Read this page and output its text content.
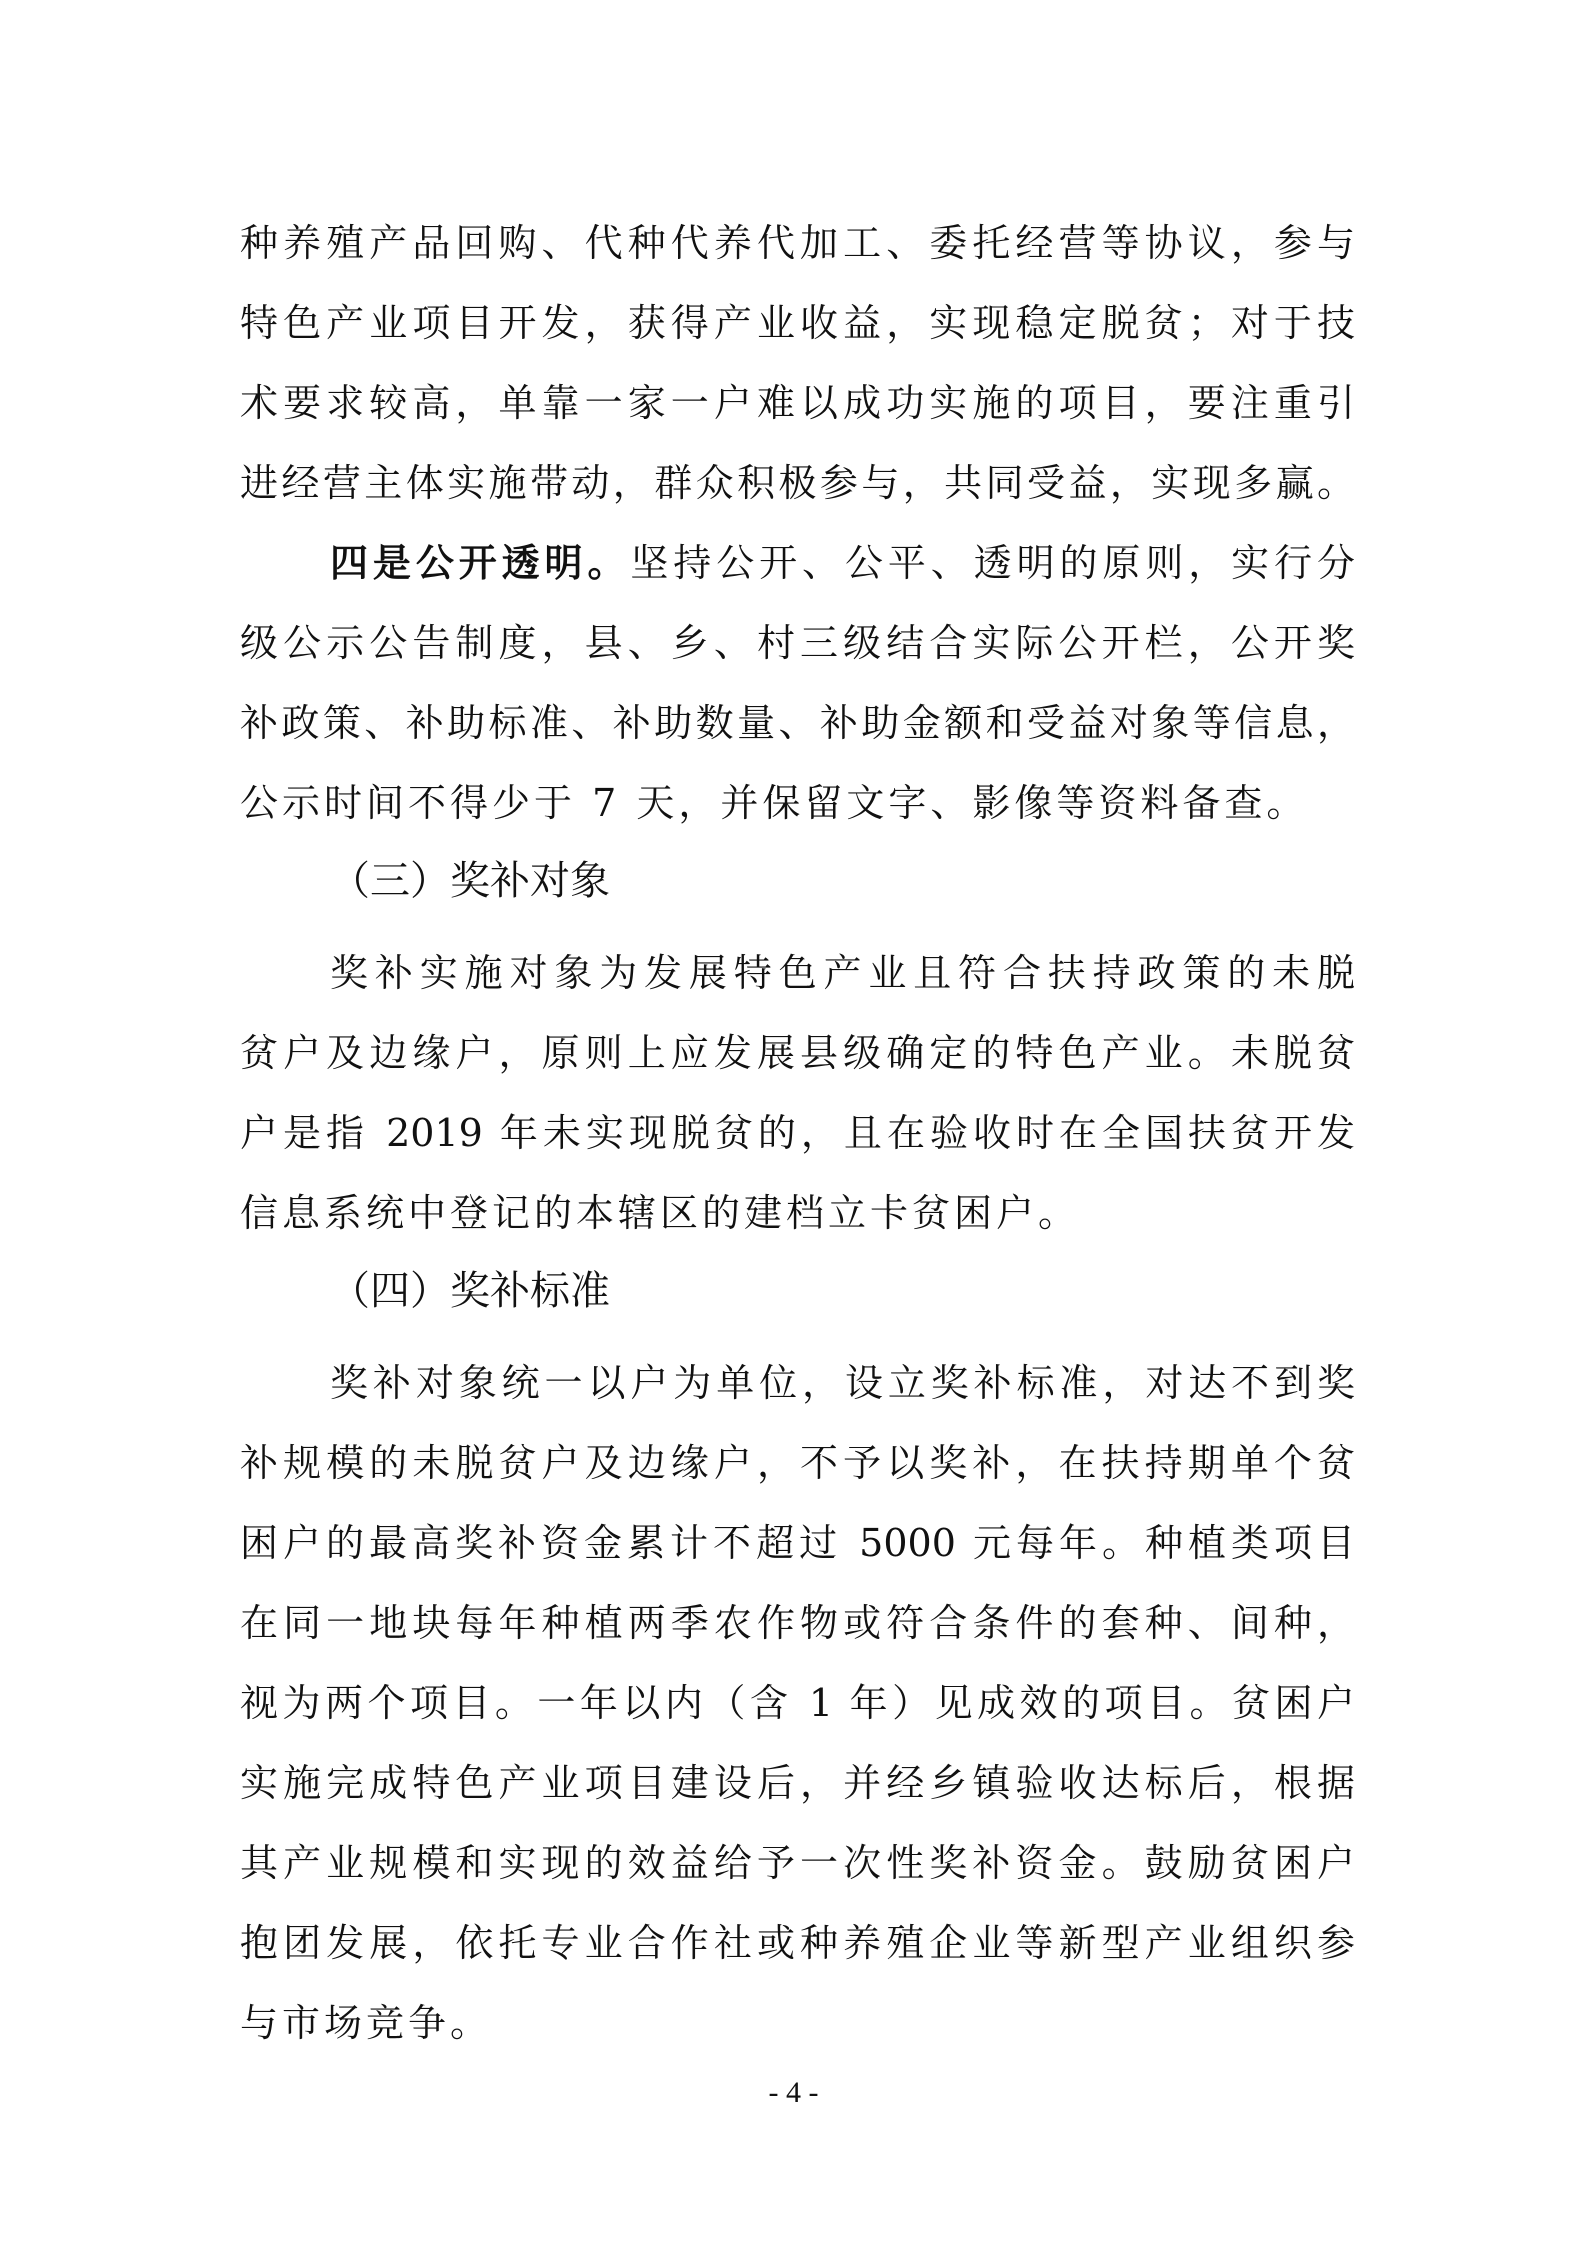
种养殖产品回购、代种代养代加工、委托经营等协议，参与

特色产业项目开发，获得产业收益，实现稳定脱贫；对于技

术要求较高，单靠一家一户难以成功实施的项目，要注重引

进经营主体实施带动，群众积极参与，共同受益，实现多赢。

四是公开透明。坚持公开、公平、透明的原则，实行分

级公示公告制度，县、乡、村三级结合实际公开栏，公开奖

补政策、补助标准、补助数量、补助金额和受益对象等信息，

公示时间不得少于 7 天，并保留文字、影像等资料备查。

（三）奖补对象

奖补实施对象为发展特色产业且符合扶持政策的未脱

贫户及边缘户，原则上应发展县级确定的特色产业。未脱贫

户是指 2019 年未实现脱贫的，且在验收时在全国扶贫开发

信息系统中登记的本辖区的建档立卡贫困户。

（四）奖补标准

奖补对象统一以户为单位，设立奖补标准，对达不到奖

补规模的未脱贫户及边缘户，不予以奖补，在扶持期单个贫

困户的最高奖补资金累计不超过 5000 元每年。种植类项目

在同一地块每年种植两季农作物或符合条件的套种、间种，

视为两个项目。一年以内（含 1 年）见成效的项目。贫困户

实施完成特色产业项目建设后，并经乡镇验收达标后，根据

其产业规模和实现的效益给予一次性奖补资金。鼓励贫困户

抱团发展，依托专业合作社或种养殖企业等新型产业组织参

与市场竞争。

- 4 -
